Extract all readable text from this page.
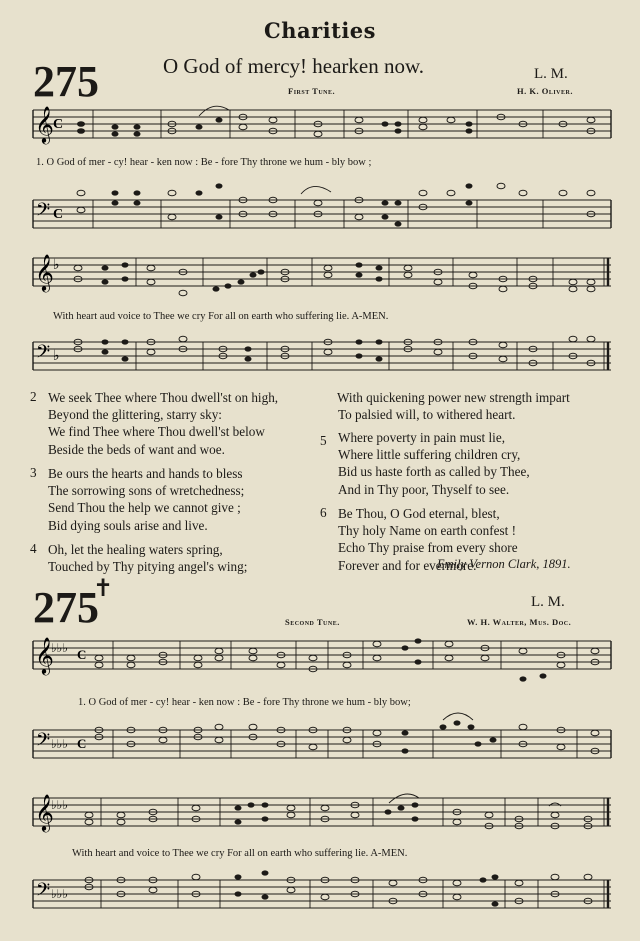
Charities
275	O God of mercy! hearken now.	L. M.
First Tune.	H. K. Oliver.
𝄞 C
1. O God of mer - cy! hear - ken now : Be - fore Thy throne we hum - bly bow ;
𝄢 C
𝄞 ♭
With heart aud voice to Thee we cry For all on earth who suffering lie. A-MEN.
𝄢 ♭
2 We seek Thee where Thou dwell'st on high,
Beyond the glittering, starry sky:
We find Thee where Thou dwell'st below
Beside the beds of want and woe.
3 Be ours the hearts and hands to bless
The sorrowing sons of wretchedness;
Send Thou the help we cannot give ;
Bid dying souls arise and live.
4 Oh, let the healing waters spring,
Touched by Thy pitying angel's wing;
With quickening power new strength impart
To palsied will, to withered heart.
5 Where poverty in pain must lie,
Where little suffering children cry,
Bid us haste forth as called by Thee,
And in Thy poor, Thyself to see.
6 Be Thou, O God eternal, blest,
Thy holy Name on earth confest !
Echo Thy praise from every shore
Forever and for evermore.
Emily Vernon Clark, 1891.
275
✝	L. M.
Second Tune.	W. H. Walter, Mus. Doc.
𝄞
♭♭♭ C
1. O God of mer - cy! hear - ken now : Be - fore Thy throne we hum - bly bow;
𝄢 ♭♭♭ C
𝄞
♭♭♭
With heart and voice to Thee we cry For all on earth who suffering lie. A-MEN.
𝄢 ♭♭♭
